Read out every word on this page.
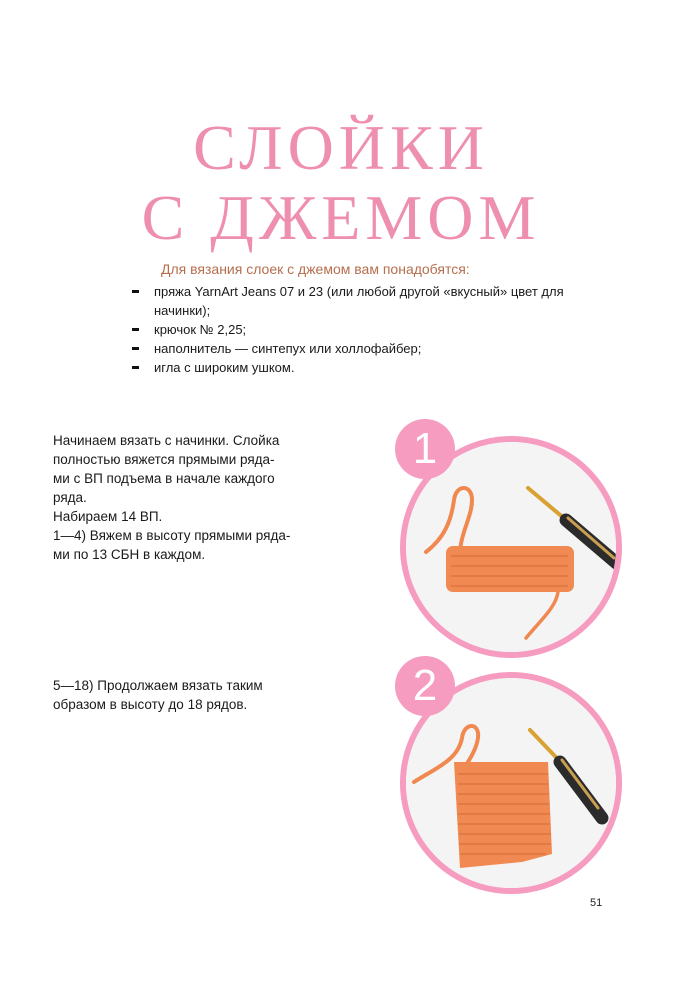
СЛОЙКИ
С ДЖЕМОМ
Для вязания слоек с джемом вам понадобятся:
пряжа YarnArt Jeans 07 и 23 (или любой другой «вкусный» цвет для начинки);
крючок № 2,25;
наполнитель — синтепух или холлофайбер;
игла с широким ушком.

Начинаем вязать с начинки. Слойка
полностью вяжется прямыми ряда-
ми с ВП подъема в начале каждого
ряда.
Набираем 14 ВП.
1—4) Вяжем в высоту прямыми ряда-
ми по 13 СБН в каждом.

5—18) Продолжаем вязать таким
образом в высоту до 18 рядов.

1
2
51
